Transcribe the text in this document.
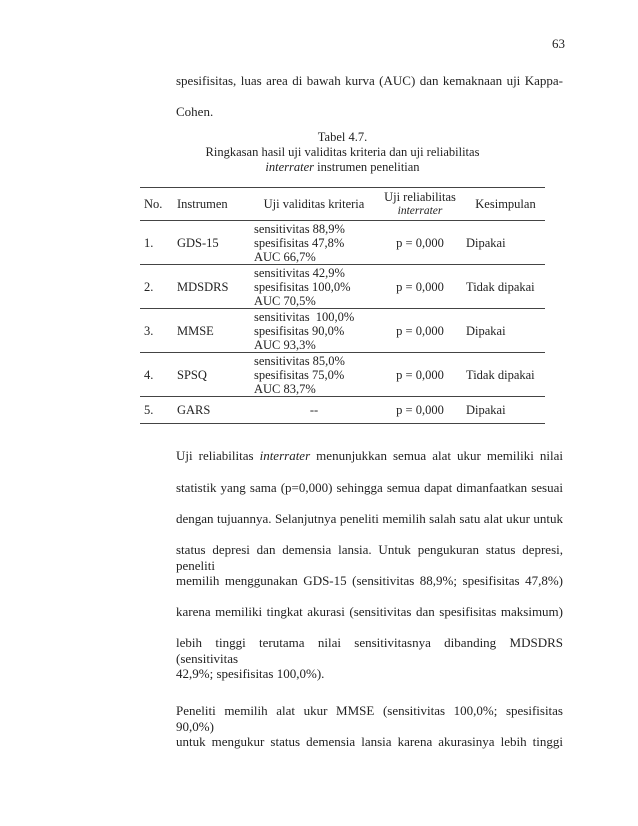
63
spesifisitas, luas area di bawah kurva (AUC) dan kemaknaan uji Kappa-
Cohen.
Tabel 4.7.
Ringkasan hasil uji validitas kriteria dan uji reliabilitas
interrater instrumen penelitian
No.	Instrumen	Uji validitas kriteria	Uji reliabilitas
interrater	Kesimpulan
1.	GDS-15	sensitivitas 88,9%
spesifisitas 47,8%
AUC 66,7%	p = 0,000	Dipakai
2.	MDSDRS	sensitivitas 42,9%
spesifisitas 100,0%
AUC 70,5%	p = 0,000	Tidak dipakai
3.	MMSE	sensitivitas  100,0%
spesifisitas 90,0%
AUC 93,3%	p = 0,000	Dipakai
4.	SPSQ	sensitivitas 85,0%
spesifisitas 75,0%
AUC 83,7%	p = 0,000	Tidak dipakai
5.	GARS	--	p = 0,000	Dipakai
Uji reliabilitas interrater menunjukkan semua alat ukur memiliki nilai
statistik yang sama (p=0,000) sehingga semua dapat dimanfaatkan sesuai
dengan tujuannya. Selanjutnya peneliti memilih salah satu alat ukur untuk
status depresi dan demensia lansia. Untuk pengukuran status depresi, peneliti
memilih menggunakan GDS-15 (sensitivitas 88,9%; spesifisitas 47,8%)
karena memiliki tingkat akurasi (sensitivitas dan spesifisitas maksimum)
lebih tinggi terutama nilai sensitivitasnya dibanding MDSDRS (sensitivitas
42,9%; spesifisitas 100,0%).
Peneliti memilih alat ukur MMSE (sensitivitas 100,0%; spesifisitas 90,0%)
untuk mengukur status demensia lansia karena akurasinya lebih tinggi
